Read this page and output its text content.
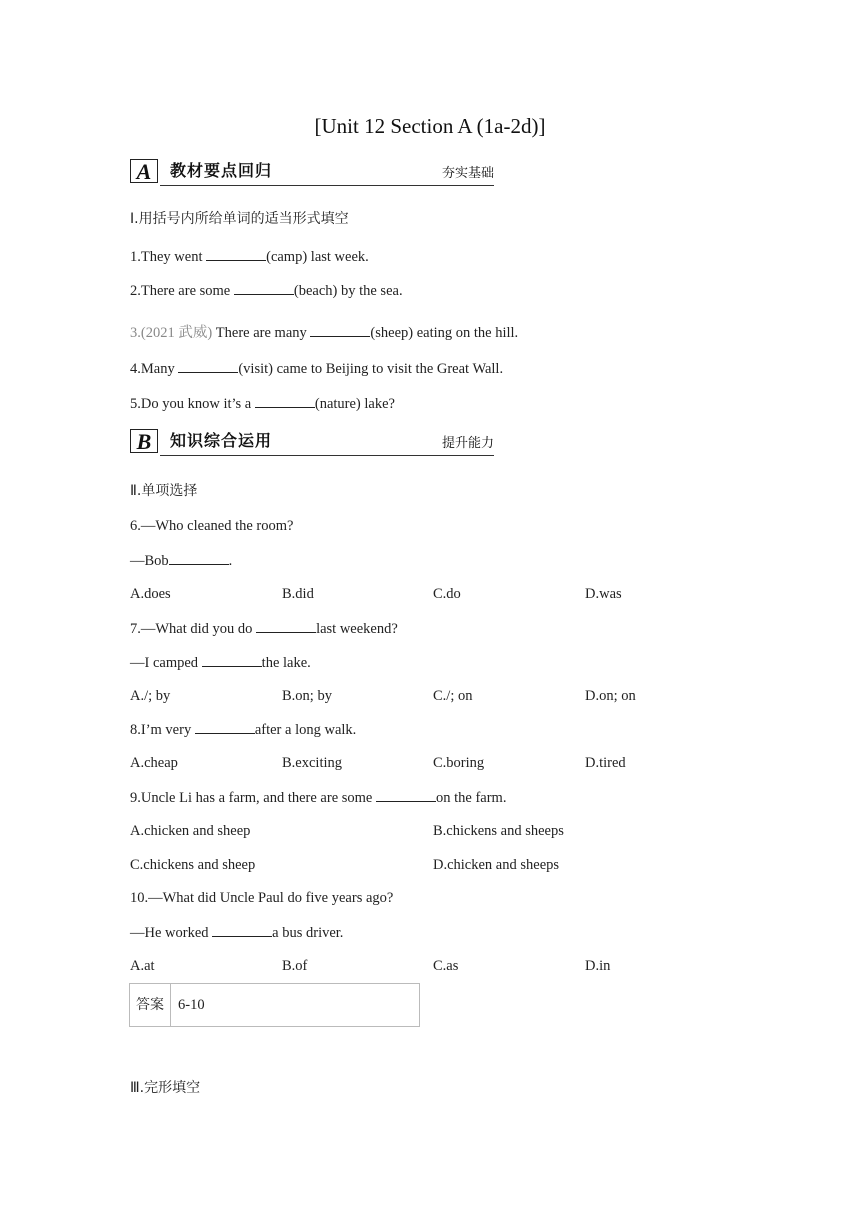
[Unit 12 Section A (1a-2d)]
A 教材要点回归	夯实基础
Ⅰ.用括号内所给单词的适当形式填空
1.They went	(camp) last week.
2.There are some	(beach) by the sea.
3.(2021 武威) There are many	(sheep) eating on the hill.
4.Many	(visit) came to Beijing to visit the Great Wall.
5.Do you know it’s a	(nature) lake?
B 知识综合运用	提升能力
Ⅱ.单项选择
6.—Who cleaned the room?
—Bob	.
A.does	B.did	C.do	D.was
7.—What did you do	last weekend?
—I camped	the lake.
A./; by	B.on; by	C./; on	D.on; on
8.I’m very	after a long walk.
A.cheap	B.exciting	C.boring	D.tired
9.Uncle Li has a farm, and there are some	on the farm.
A.chicken and sheep	B.chickens and sheeps
C.chickens and sheep	D.chicken and sheeps
10.—What did Uncle Paul do five years ago?
—He worked	a bus driver.
A.at	B.of	C.as	D.in
答案 6-10
Ⅲ.完形填空
